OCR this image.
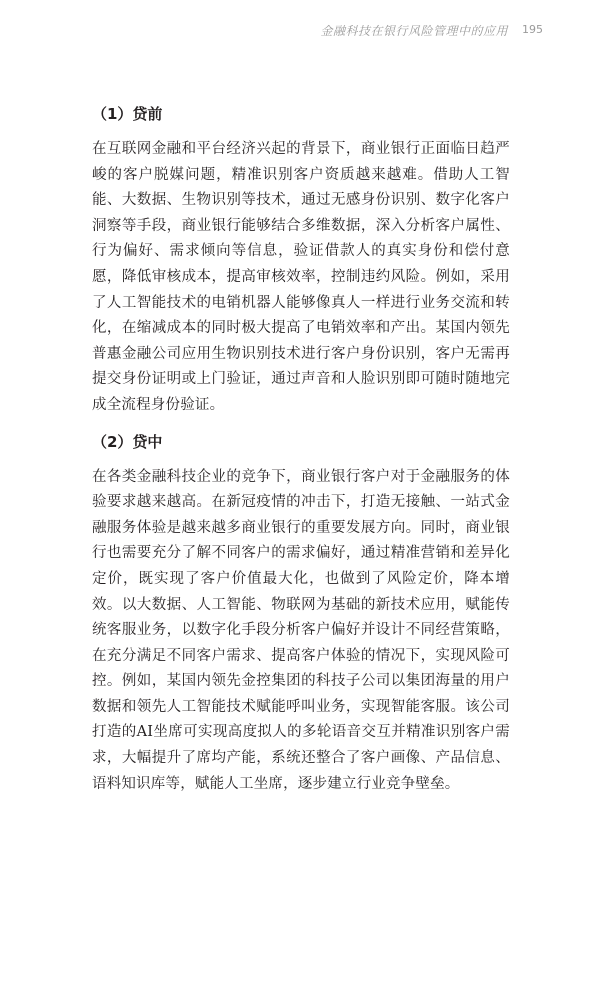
金融科技在银行风险管理中的应用 195
（1）贷前

在互联网金融和平台经济兴起的背景下，商业银行正面临日趋严峻的客户脱媒问题，精准识别客户资质越来越难。借助人工智能、大数据、生物识别等技术，通过无感身份识别、数字化客户洞察等手段，商业银行能够结合多维数据，深入分析客户属性、行为偏好、需求倾向等信息，验证借款人的真实身份和偿付意愿，降低审核成本，提高审核效率，控制违约风险。例如，采用了人工智能技术的电销机器人能够像真人一样进行业务交流和转化，在缩减成本的同时极大提高了电销效率和产出。某国内领先普惠金融公司应用生物识别技术进行客户身份识别，客户无需再提交身份证明或上门验证，通过声音和人脸识别即可随时随地完成全流程身份验证。

（2）贷中

在各类金融科技企业的竞争下，商业银行客户对于金融服务的体验要求越来越高。在新冠疫情的冲击下，打造无接触、一站式金融服务体验是越来越多商业银行的重要发展方向。同时，商业银行也需要充分了解不同客户的需求偏好，通过精准营销和差异化定价，既实现了客户价值最大化，也做到了风险定价，降本增效。以大数据、人工智能、物联网为基础的新技术应用，赋能传统客服业务，以数字化手段分析客户偏好并设计不同经营策略，在充分满足不同客户需求、提高客户体验的情况下，实现风险可控。例如，某国内领先金控集团的科技子公司以集团海量的用户数据和领先人工智能技术赋能呼叫业务，实现智能客服。该公司打造的AI坐席可实现高度拟人的多轮语音交互并精准识别客户需求，大幅提升了席均产能，系统还整合了客户画像、产品信息、语料知识库等，赋能人工坐席，逐步建立行业竞争壁垒。
